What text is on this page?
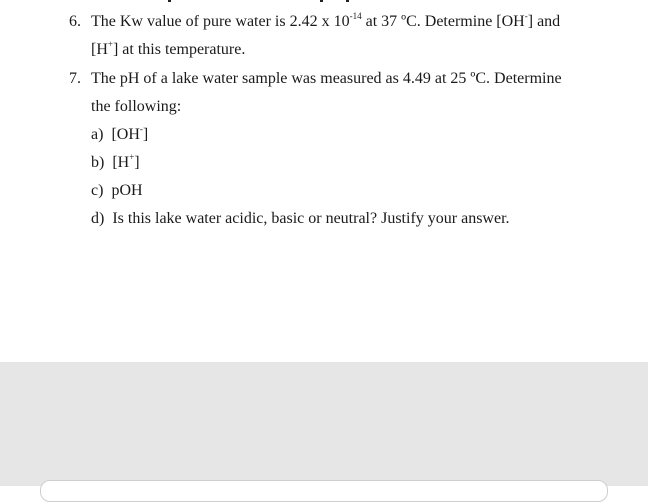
6. The Kw value of pure water is 2.42 x $10^{-14}$ at 37 ºC. Determine [OH-] and
[H+] at this temperature.
7. The pH of a lake water sample was measured as 4.49 at 25 ºC. Determine
the following:
a) [OH-]
b) [H+]
c) pOH
d) Is this lake water acidic, basic or neutral? Justify your answer.
